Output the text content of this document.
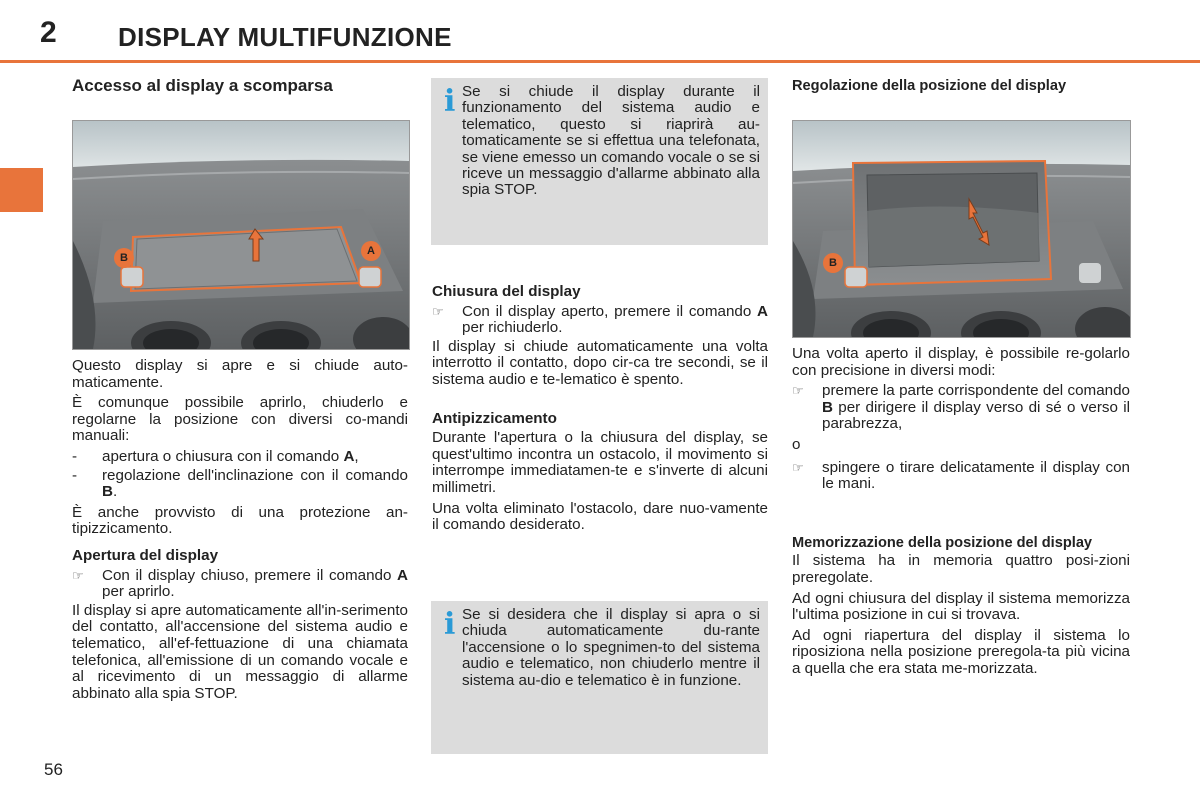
2 DISPLAY MULTIFUNZIONE
Accesso al display a scomparsa
B
A

Questo display si apre e si chiude auto-maticamente.

È comunque possibile aprirlo, chiuderlo e regolarne la posizione con diversi co-mandi manuali:

- apertura o chiusura con il comando A,
- regolazione dell'inclinazione con il comando B.

È anche provvisto di una protezione an-tipizzicamento.

Apertura del display
☞ Con il display chiuso, premere il comando A per aprirlo.

Il display si apre automaticamente all'in-serimento del contatto, all'accensione del sistema audio e telematico, all'ef-fettuazione di una chiamata telefonica, all'emissione di un comando vocale e al ricevimento di un messaggio di allarme abbinato alla spia STOP.

i Se si chiude il display durante il funzionamento del sistema audio e telematico, questo si riaprirà au-tomaticamente se si effettua una telefonata, se viene emesso un comando vocale o se si riceve un messaggio d'allarme abbinato alla spia STOP.
Chiusura del display
☞ Con il display aperto, premere il comando A per richiuderlo.

Il display si chiude automaticamente una volta interrotto il contatto, dopo cir-ca tre secondi, se il sistema audio e te-lematico è spento.

Antipizzicamento

Durante l'apertura o la chiusura del display, se quest'ultimo incontra un ostacolo, il movimento si interrompe immediatamen-te e s'inverte di alcuni millimetri.

Una volta eliminato l'ostacolo, dare nuo-vamente il comando desiderato.

i Se si desidera che il display si apra o si chiuda automaticamente du-rante l'accensione o lo spegnimen-to del sistema audio e telematico, non chiuderlo mentre il sistema au-dio e telematico è in funzione.
Regolazione della posizione del display
B

Una volta aperto il display, è possibile re-golarlo con precisione in diversi modi:

☞ premere la parte corrispondente del comando B per dirigere il display verso di sé o verso il parabrezza,

o

☞ spingere o tirare delicatamente il display con le mani.
Memorizzazione della posizione del display

Il sistema ha in memoria quattro posi-zioni preregolate.

Ad ogni chiusura del display il sistema memorizza l'ultima posizione in cui si trovava.

Ad ogni riapertura del display il sistema lo riposiziona nella posizione preregola-ta più vicina a quella che era stata me-morizzata.

56
